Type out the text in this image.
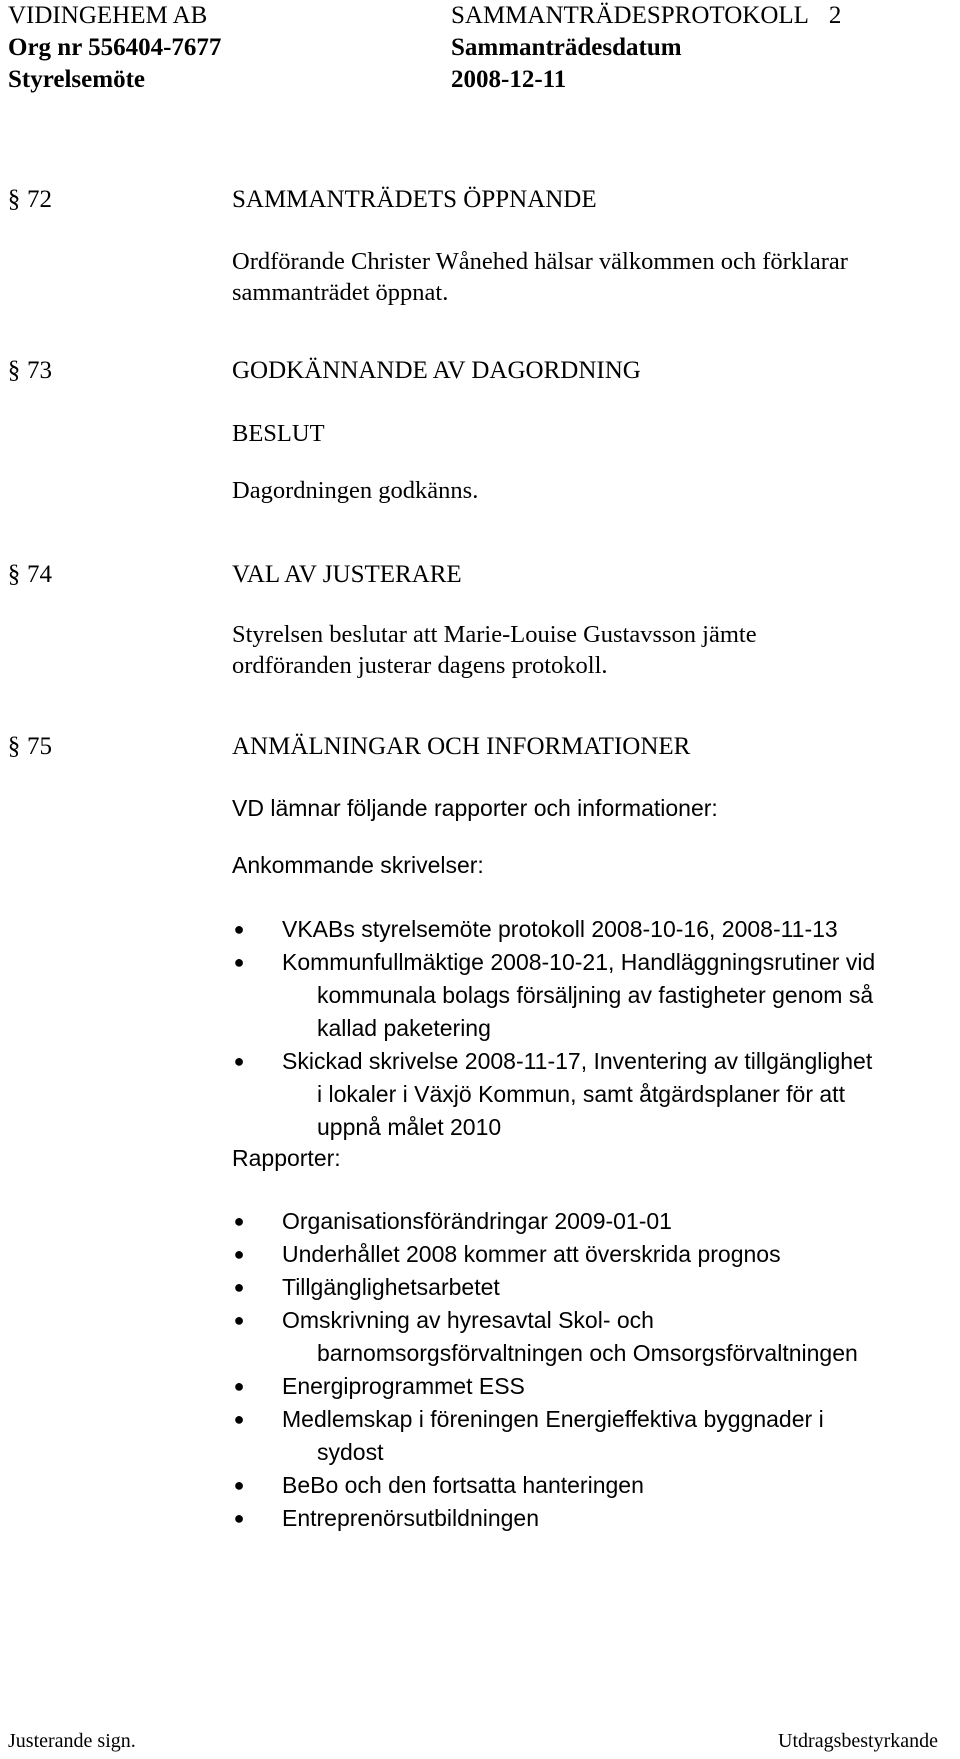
VIDINGEHEM AB	SAMMANTRÄDESPROTOKOLL 2
Org nr 556404-7677	Sammanträdesdatum
Styrelsemöte	2008-12-11
§ 72	SAMMANTRÄDETS ÖPPNANDE
Ordförande Christer Wånehed hälsar välkommen och förklarar
sammanträdet öppnat.
§ 73	GODKÄNNANDE AV DAGORDNING
BESLUT
Dagordningen godkänns.
§ 74	VAL AV JUSTERARE
Styrelsen beslutar att Marie-Louise Gustavsson jämte
ordföranden justerar dagens protokoll.
§ 75	ANMÄLNINGAR OCH INFORMATIONER
VD lämnar följande rapporter och informationer:
Ankommande skrivelser:
● VKABs styrelsemöte protokoll 2008-10-16, 2008-11-13
● Kommunfullmäktige 2008-10-21, Handläggningsrutiner vid
kommunala bolags försäljning av fastigheter genom så
kallad paketering
● Skickad skrivelse 2008-11-17, Inventering av tillgänglighet
i lokaler i Växjö Kommun, samt åtgärdsplaner för att
uppnå målet 2010
Rapporter:
● Organisationsförändringar 2009-01-01
● Underhållet 2008 kommer att överskrida prognos
● Tillgänglighetsarbetet
● Omskrivning av hyresavtal Skol- och
barnomsorgsförvaltningen och Omsorgsförvaltningen
● Energiprogrammet ESS
● Medlemskap i föreningen Energieffektiva byggnader i
sydost
● BeBo och den fortsatta hanteringen
● Entreprenörsutbildningen
Justerande sign.	Utdragsbestyrkande
